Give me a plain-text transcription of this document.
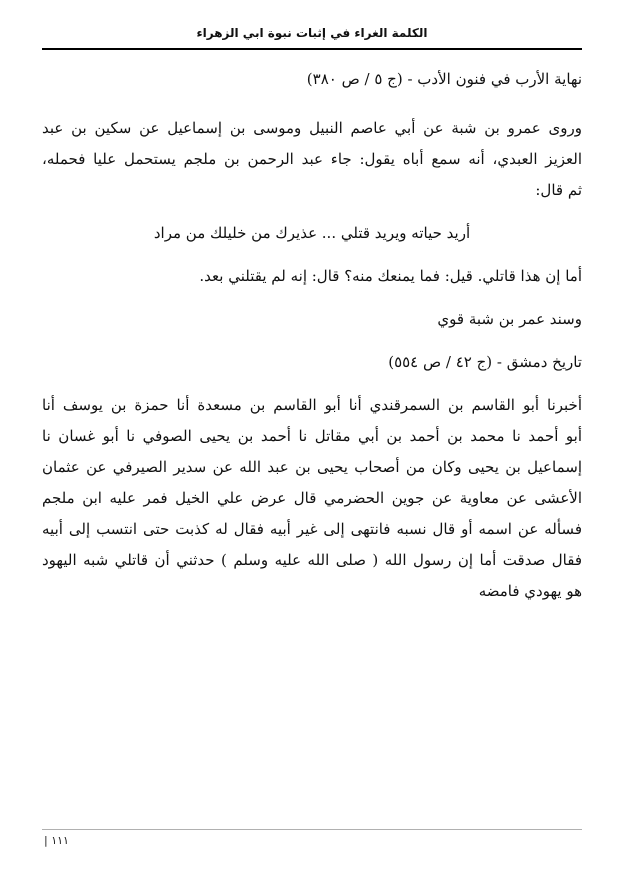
الكلمة الغراء في إثبات نبوة ابي الزهراء

نهاية الأرب في فنون الأدب - (ج ٥ / ص ٣٨٠)

وروى عمرو بن شبة عن أبي عاصم النبيل وموسى بن إسماعيل عن سكين بن عبد
العزيز العبدي، أنه سمع أباه يقول: جاء عبد الرحمن بن ملجم يستحمل عليا فحمله،
ثم قال:

أريد حياته ويريد قتلي ... عذيرك من خليلك من مراد

أما إن هذا قاتلي. قيل: فما يمنعك منه؟ قال: إنه لم يقتلني بعد.

وسند عمر بن شبة قوي

تاريخ دمشق - (ج ٤٢ / ص ٥٥٤)

أخبرنا أبو القاسم بن السمرقندي أنا أبو القاسم بن مسعدة أنا حمزة بن يوسف أنا
أبو أحمد نا محمد بن أحمد بن أبي مقاتل نا أحمد بن يحيى الصوفي نا أبو غسان نا
إسماعيل بن يحيى وكان من أصحاب يحيى بن عبد الله عن سدير الصيرفي عن عثمان
الأعشى عن معاوية عن جوين الحضرمي قال عرض علي الخيل فمر عليه ابن ملجم
فسأله عن اسمه أو قال نسبه فانتهى إلى غير أبيه فقال له كذبت حتى انتسب إلى أبيه
فقال صدقت أما إن رسول الله ( صلى الله عليه وسلم ) حدثني أن قاتلي شبه اليهود
هو يهودي فامضه

١١١ |
